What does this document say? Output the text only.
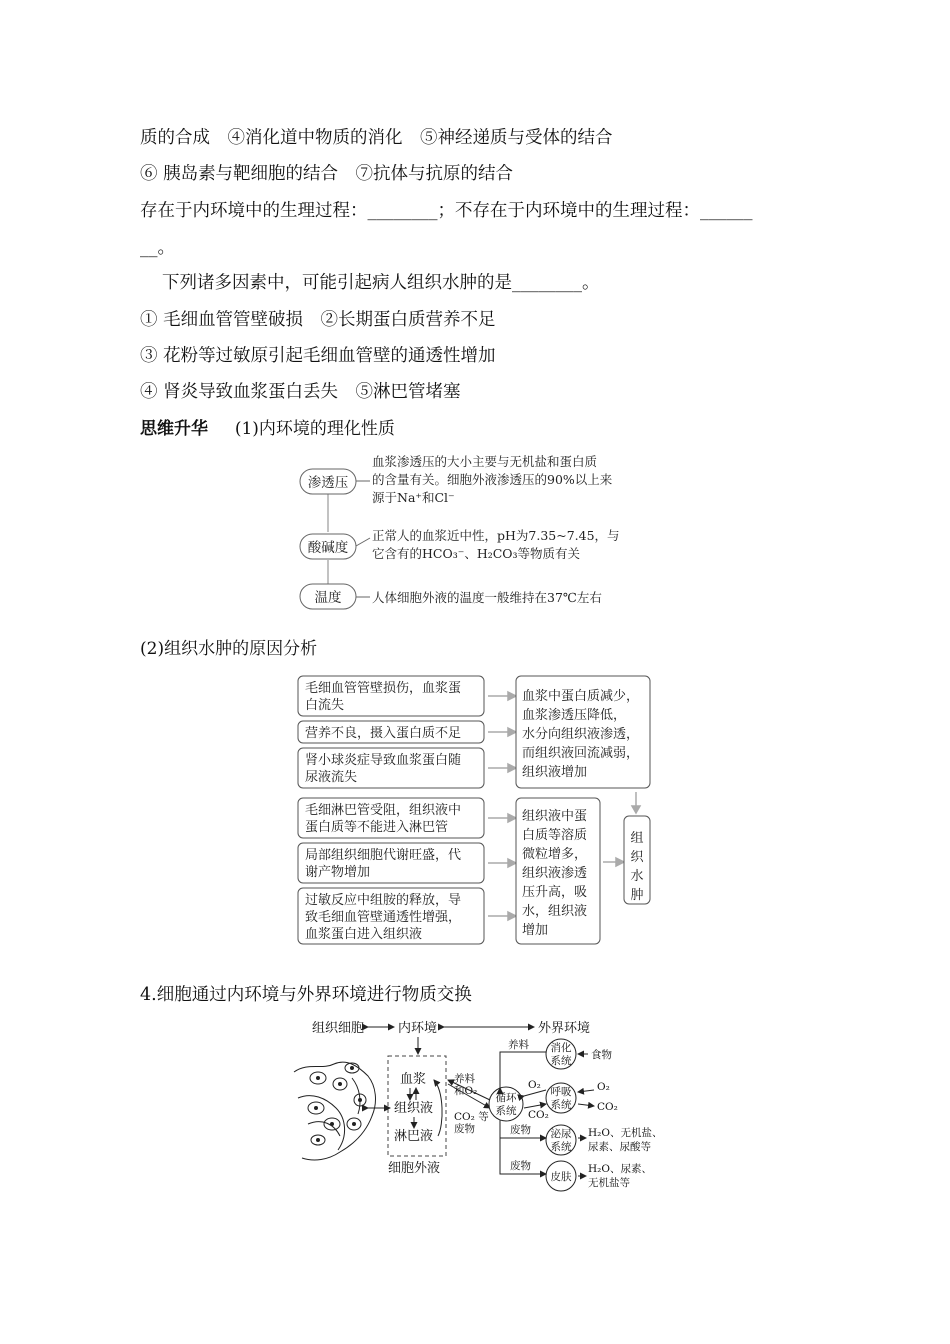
质的合成　④消化道中物质的消化　⑤神经递质与受体的结合
⑥ 胰岛素与靶细胞的结合　⑦抗体与抗原的结合
存在于内环境中的生理过程：________；不存在于内环境中的生理过程：______
__。
下列诸多因素中，可能引起病人组织水肿的是________。
① 毛细血管管壁破损　②长期蛋白质营养不足
③ 花粉等过敏原引起毛细血管壁的通透性增加
④ 肾炎导致血浆蛋白丢失　⑤淋巴管堵塞
思维升华 (1)内环境的理化性质
渗透压
血浆渗透压的大小主要与无机盐和蛋白质
的含量有关。细胞外液渗透压的90%以上来
源于Na⁺和Cl⁻
酸碱度
正常人的血浆近中性，pH为7.35~7.45，与
它含有的HCO₃⁻、H₂CO₃等物质有关
温度 人体细胞外液的温度一般维持在37℃左右
(2)组织水肿的原因分析
毛细血管管壁损伤，血浆蛋
白流失
营养不良，摄入蛋白质不足
肾小球炎症导致血浆蛋白随
尿液流失
血浆中蛋白质减少，
血浆渗透压降低，
水分向组织液渗透，
而组织液回流减弱，
组织液增加
毛细淋巴管受阻，组织液中
蛋白质等不能进入淋巴管
局部组织细胞代谢旺盛，代
谢产物增加
过敏反应中组胺的释放，导
致毛细血管壁通透性增强，
血浆蛋白进入组织液
组织液中蛋
白质等溶质
微粒增多，
组织液渗透
压升高，吸
水，组织液
增加
组
织
水
肿
4.细胞通过内环境与外界环境进行物质交换
组织细胞	内环境	外界环境
血浆
组织液
淋巴液
细胞外液
养料
和O₂
CO₂ 等
废物
循环
系统
养料
O₂
CO₂
废物
废物
消化
系统 食物
呼吸
系统
O₂
CO₂
泌尿
系统
H₂O、无机盐、
尿素、尿酸等
皮肤
H₂O、尿素、
无机盐等
